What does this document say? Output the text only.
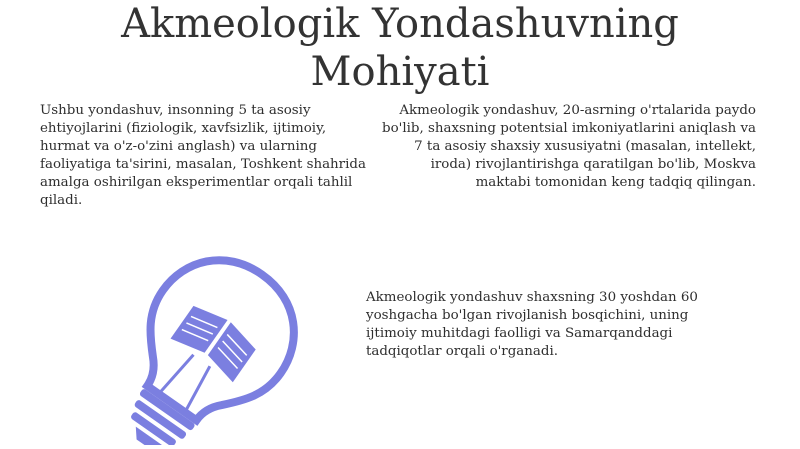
Akmeologik Yondashuvning
Mohiyati
Ushbu yondashuv, insonning 5 ta asosiy ehtiyojlarini (fiziologik, xavfsizlik, ijtimoiy, hurmat va o'z-o'zini anglash) va ularning faoliyatiga ta'sirini, masalan, Toshkent shahrida amalga oshirilgan eksperimentlar orqali tahlil qiladi.
Akmeologik yondashuv, 20-asrning o'rtalarida paydo bo'lib, shaxsning potentsial imkoniyatlarini aniqlash va 7 ta asosiy shaxsiy xususiyatni (masalan, intellekt, iroda) rivojlantirishga qaratilgan bo'lib, Moskva maktabi tomonidan keng tadqiq qilingan.
Akmeologik yondashuv shaxsning 30 yoshdan 60 yoshgacha bo'lgan rivojlanish bosqichini, uning ijtimoiy muhitdagi faolligi va Samarqanddagi tadqiqotlar orqali o'rganadi.
